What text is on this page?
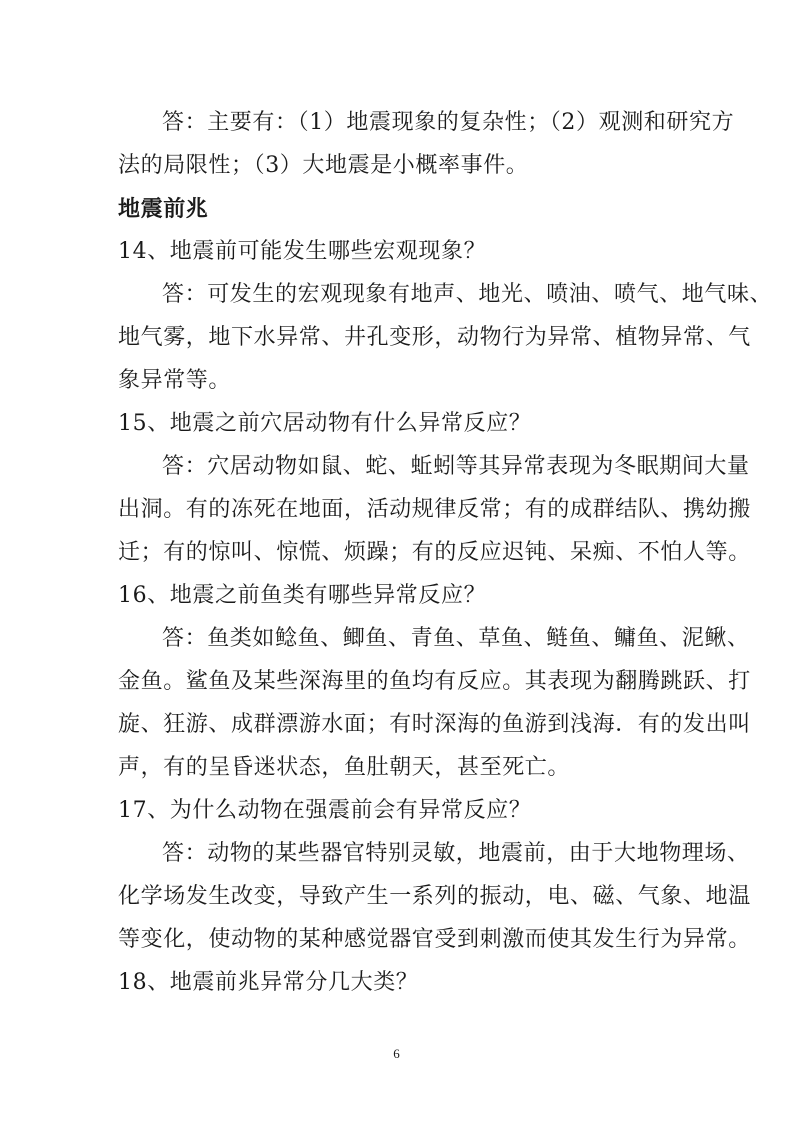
答：主要有：（1）地震现象的复杂性；（2）观测和研究方
法的局限性；（3）大地震是小概率事件。
地震前兆
14、地震前可能发生哪些宏观现象？
答：可发生的宏观现象有地声、地光、喷油、喷气、地气味、
地气雾，地下水异常、井孔变形，动物行为异常、植物异常、气
象异常等。
15、地震之前穴居动物有什么异常反应？
答：穴居动物如鼠、蛇、蚯蚓等其异常表现为冬眠期间大量
出洞。有的冻死在地面，活动规律反常；有的成群结队、携幼搬
迁；有的惊叫、惊慌、烦躁；有的反应迟钝、呆痴、不怕人等。
16、地震之前鱼类有哪些异常反应？
答：鱼类如鲶鱼、鲫鱼、青鱼、草鱼、鲢鱼、鳙鱼、泥鳅、
金鱼。鲨鱼及某些深海里的鱼均有反应。其表现为翻腾跳跃、打
旋、狂游、成群漂游水面；有时深海的鱼游到浅海．有的发出叫
声，有的呈昏迷状态，鱼肚朝天，甚至死亡。
17、为什么动物在强震前会有异常反应？
答：动物的某些器官特别灵敏，地震前，由于大地物理场、
化学场发生改变，导致产生一系列的振动，电、磁、气象、地温
等变化，使动物的某种感觉器官受到刺激而使其发生行为异常。
18、地震前兆异常分几大类？
6
